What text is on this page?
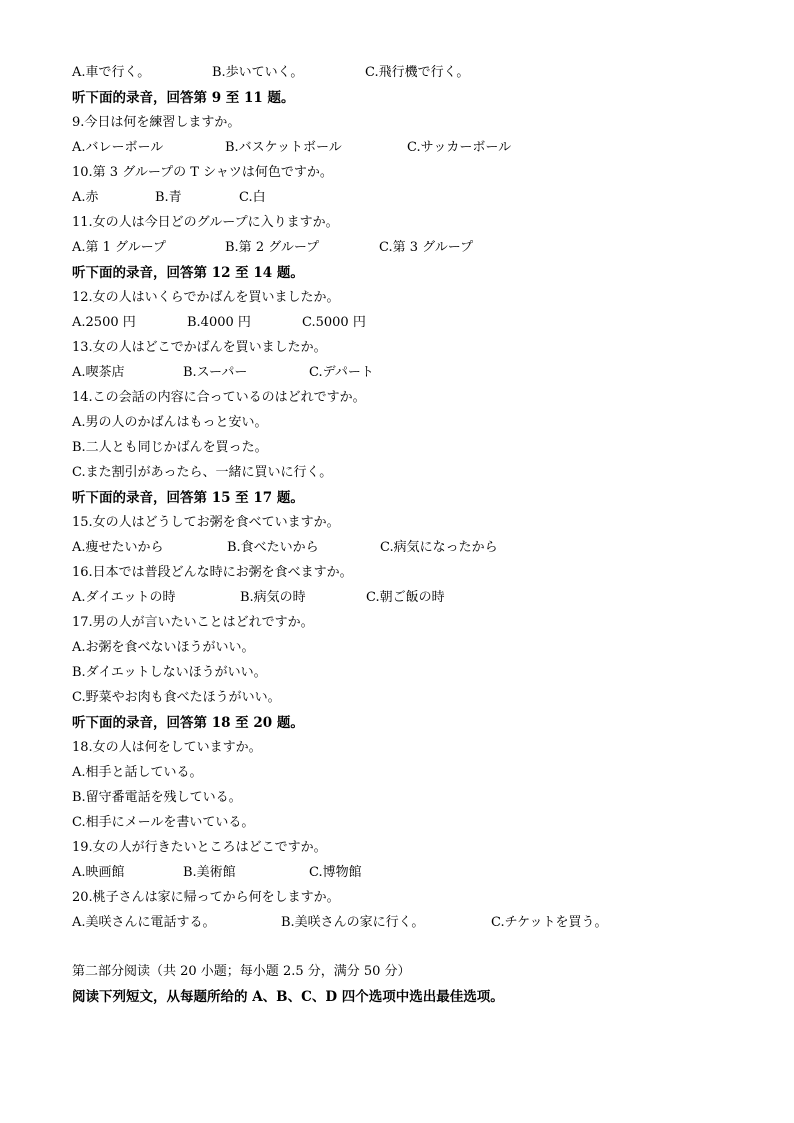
A.車で行く。	B.歩いていく。	C.飛行機で行く。
听下面的录音，回答第 9 至 11 题。
9.今日は何を練習しますか。
A.バレーボール	B.バスケットボール	C.サッカーボール
10.第 3 グループの T シャツは何色ですか。
A.赤	B.青	C.白
11.女の人は今日どのグループに入りますか。
A.第 1 グループ	B.第 2 グループ	C.第 3 グループ
听下面的录音，回答第 12 至 14 题。
12.女の人はいくらでかばんを買いましたか。
A.2500 円	B.4000 円	C.5000 円
13.女の人はどこでかばんを買いましたか。
A.喫茶店	B.スーパー	C.デパート
14.この会話の内容に合っているのはどれですか。
A.男の人のかばんはもっと安い。
B.二人とも同じかばんを買った。
C.また割引があったら、一緒に買いに行く。
听下面的录音，回答第 15 至 17 题。
15.女の人はどうしてお粥を食べていますか。
A.痩せたいから	B.食べたいから	C.病気になったから
16.日本では普段どんな時にお粥を食べますか。
A.ダイエットの時	B.病気の時	C.朝ご飯の時
17.男の人が言いたいことはどれですか。
A.お粥を食べないほうがいい。
B.ダイエットしないほうがいい。
C.野菜やお肉も食べたほうがいい。
听下面的录音，回答第 18 至 20 题。
18.女の人は何をしていますか。
A.相手と話している。
B.留守番電話を残している。
C.相手にメールを書いている。
19.女の人が行きたいところはどこですか。
A.映画館	B.美術館	C.博物館
20.桃子さんは家に帰ってから何をしますか。
A.美咲さんに電話する。	B.美咲さんの家に行く。	C.チケットを買う。
第二部分阅读（共 20 小题；每小题 2.5 分，满分 50 分）
阅读下列短文，从每题所给的 A、B、C、D 四个选项中选出最佳选项。
